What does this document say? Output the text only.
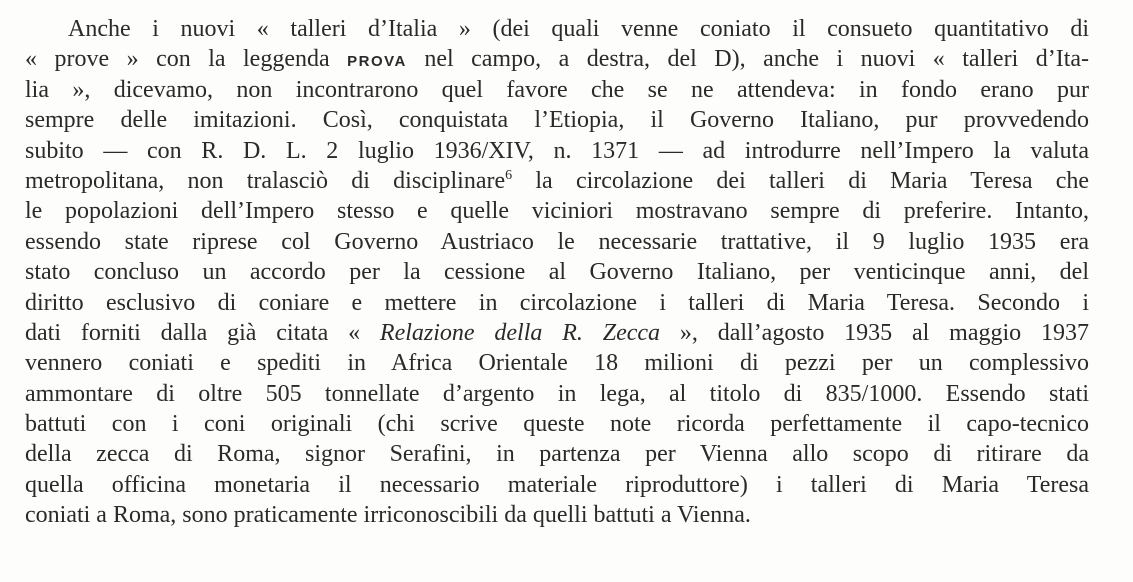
Anche i nuovi « talleri d’Italia » (dei quali venne coniato il consueto quantitativo di
« prove » con la leggenda PROVA nel campo, a destra, del D), anche i nuovi « talleri d’Ita-
lia », dicevamo, non incontrarono quel favore che se ne attendeva: in fondo erano pur
sempre delle imitazioni. Così, conquistata l’Etiopia, il Governo Italiano, pur provvedendo
subito — con R. D. L. 2 luglio 1936/XIV, n. 1371 — ad introdurre nell’Impero la valuta
metropolitana, non tralasciò di disciplinare$^6$ la circolazione dei talleri di Maria Teresa che
le popolazioni dell’Impero stesso e quelle viciniori mostravano sempre di preferire. Intanto,
essendo state riprese col Governo Austriaco le necessarie trattative, il 9 luglio 1935 era
stato concluso un accordo per la cessione al Governo Italiano, per venticinque anni, del
diritto esclusivo di coniare e mettere in circolazione i talleri di Maria Teresa. Secondo i
dati forniti dalla già citata « Relazione della R. Zecca », dall’agosto 1935 al maggio 1937
vennero coniati e spediti in Africa Orientale 18 milioni di pezzi per un complessivo
ammontare di oltre 505 tonnellate d’argento in lega, al titolo di 835/1000. Essendo stati
battuti con i coni originali (chi scrive queste note ricorda perfettamente il capo-tecnico
della zecca di Roma, signor Serafini, in partenza per Vienna allo scopo di ritirare da
quella officina monetaria il necessario materiale riproduttore) i talleri di Maria Teresa
coniati a Roma, sono praticamente irriconoscibili da quelli battuti a Vienna.
